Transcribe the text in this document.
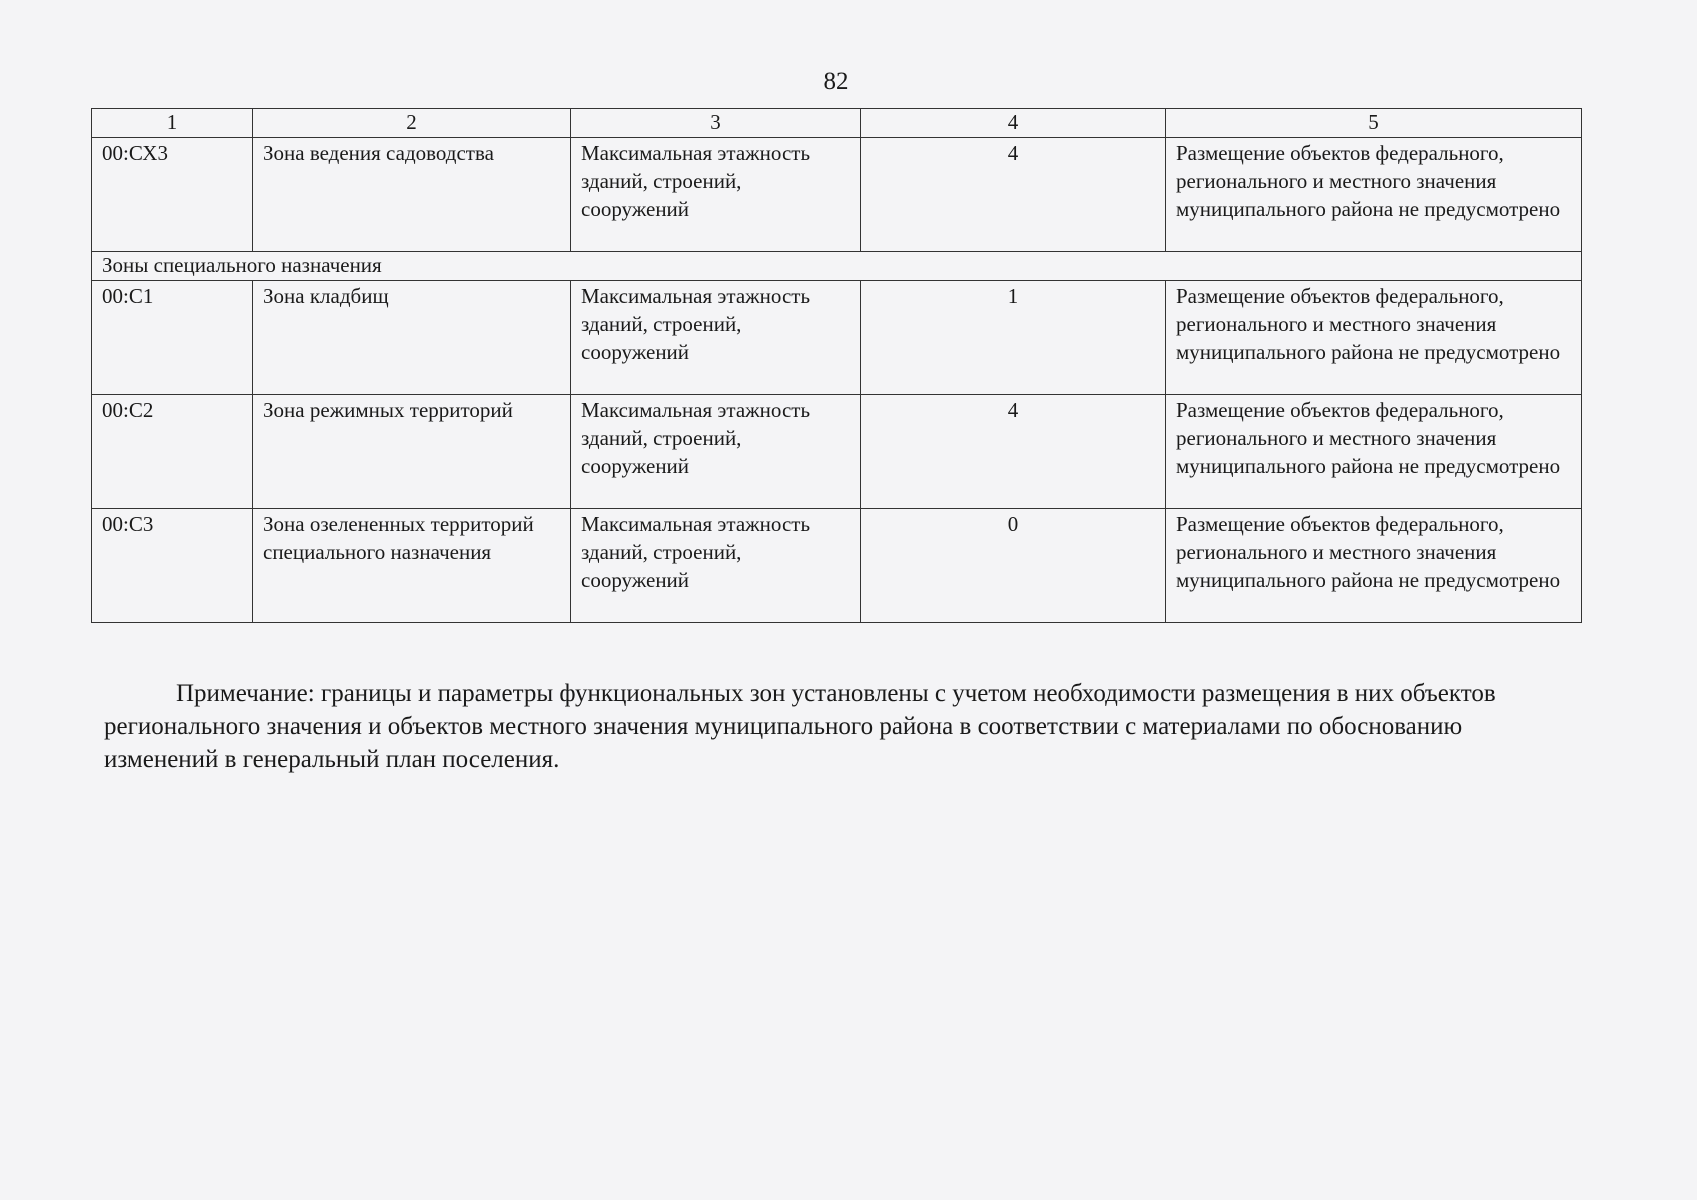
82
1	2	3	4	5
00:СХ3	Зона ведения садоводства	Максимальная этажность зданий, строений, сооружений	4	Размещение объектов федерального, регионального и местного значения муниципального района не предусмотрено
Зоны специального назначения				
00:С1	Зона кладбищ	Максимальная этажность зданий, строений, сооружений	1	Размещение объектов федерального, регионального и местного значения муниципального района не предусмотрено
00:С2	Зона режимных территорий	Максимальная этажность зданий, строений, сооружений	4	Размещение объектов федерального, регионального и местного значения муниципального района не предусмотрено
00:С3	Зона озелененных территорий специального назначения	Максимальная этажность зданий, строений, сооружений	0	Размещение объектов федерального, регионального и местного значения муниципального района не предусмотрено

Примечание: границы и параметры функциональных зон установлены с учетом необходимости размещения в них объектов регионального значения и объектов местного значения муниципального района в соответствии с материалами по обоснованию изменений в генеральный план поселения.
